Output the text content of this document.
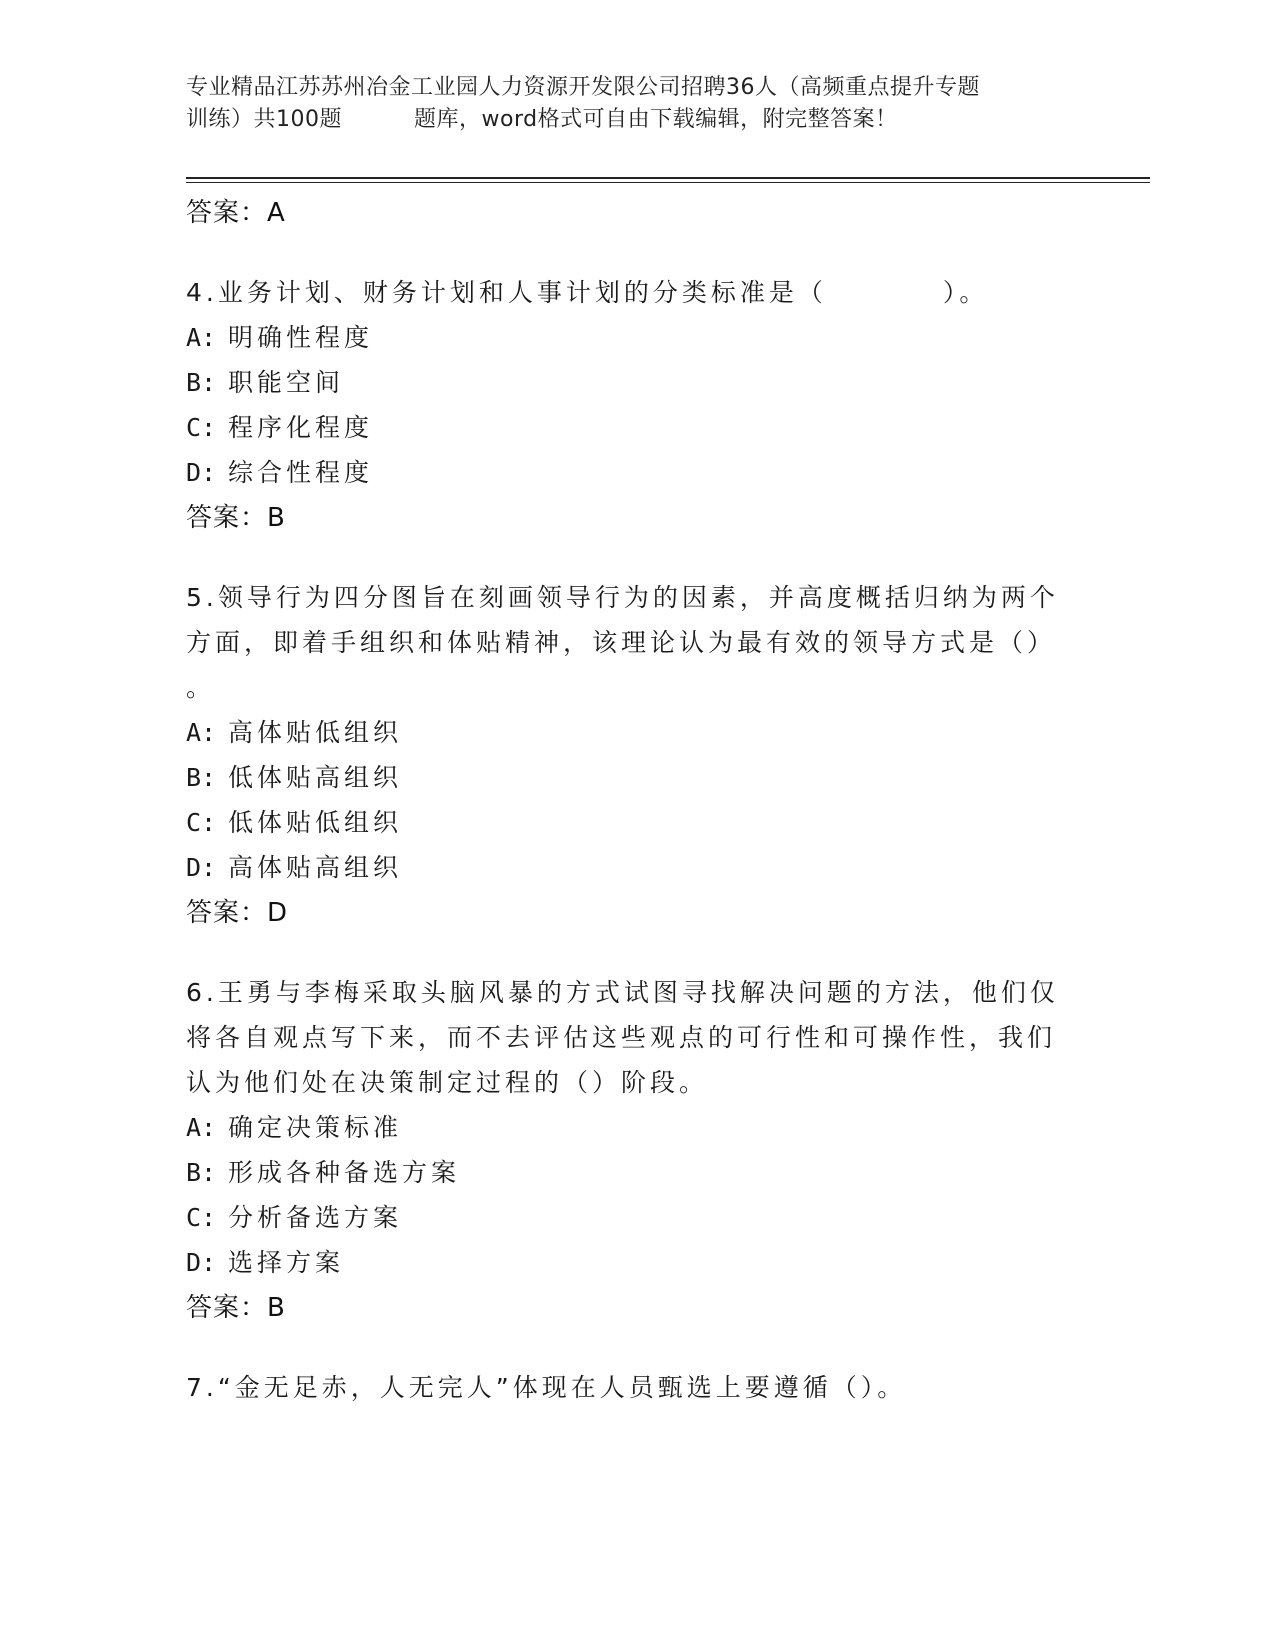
专业精品江苏苏州冶金工业园人力资源开发限公司招聘36人（高频重点提升专题
训练）共100题	题库，word格式可自由下载编辑，附完整答案！
答案：A
4.业务计划、财务计划和人事计划的分类标准是（　　　　）。
A: 明确性程度
B: 职能空间
C: 程序化程度
D: 综合性程度
答案：B
5.领导行为四分图旨在刻画领导行为的因素，并高度概括归纳为两个
方面，即着手组织和体贴精神，该理论认为最有效的领导方式是（）
。
A: 高体贴低组织
B: 低体贴高组织
C: 低体贴低组织
D: 高体贴高组织
答案：D
6.王勇与李梅采取头脑风暴的方式试图寻找解决问题的方法，他们仅
将各自观点写下来，而不去评估这些观点的可行性和可操作性，我们
认为他们处在决策制定过程的（）阶段。
A: 确定决策标准
B: 形成各种备选方案
C: 分析备选方案
D: 选择方案
答案：B
7.“金无足赤，人无完人”体现在人员甄选上要遵循（）。
